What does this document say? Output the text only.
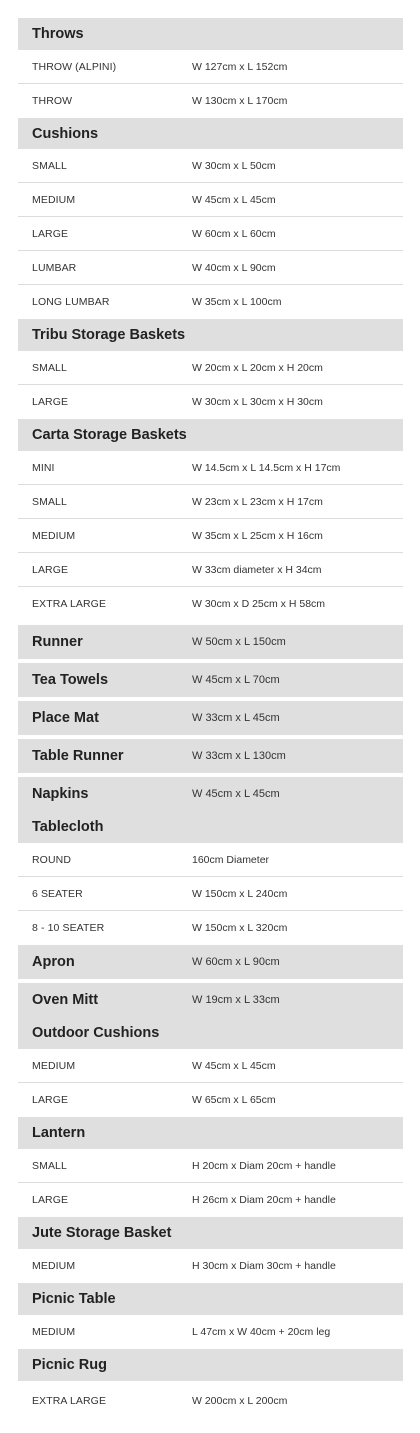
Throws
THROW (ALPINI)	W 127cm x L 152cm
THROW	W 130cm x L 170cm
Cushions
SMALL	W 30cm x L 50cm
MEDIUM	W 45cm x L 45cm
LARGE	W 60cm x L 60cm
LUMBAR	W 40cm x L 90cm
LONG LUMBAR	W 35cm x L 100cm
Tribu Storage Baskets
SMALL	W 20cm x L 20cm x H 20cm
LARGE	W 30cm x L 30cm x H 30cm
Carta Storage Baskets
MINI	W 14.5cm x L 14.5cm x H 17cm
SMALL	W 23cm x L 23cm x H 17cm
MEDIUM	W 35cm x L 25cm x H 16cm
LARGE	W 33cm diameter x H 34cm
EXTRA LARGE	W 30cm x D 25cm x H 58cm
Runner	W 50cm x L 150cm
Tea Towels	W 45cm x L 70cm
Place Mat	W 33cm x L 45cm
Table Runner	W 33cm x L 130cm
Napkins	W 45cm x L 45cm
Tablecloth
ROUND	160cm Diameter
6 SEATER	W 150cm x L 240cm
8 - 10 SEATER	W 150cm x L 320cm
Apron	W 60cm x L 90cm
Oven Mitt	W 19cm x L 33cm
Outdoor Cushions
MEDIUM	W 45cm x L 45cm
LARGE	W 65cm x L 65cm
Lantern
SMALL	H 20cm x Diam 20cm + handle
LARGE	H 26cm x Diam 20cm + handle
Jute Storage Basket
MEDIUM	H 30cm x Diam 30cm + handle
Picnic Table
MEDIUM	L 47cm x W 40cm + 20cm leg
Picnic Rug
EXTRA LARGE	W 200cm x L 200cm
